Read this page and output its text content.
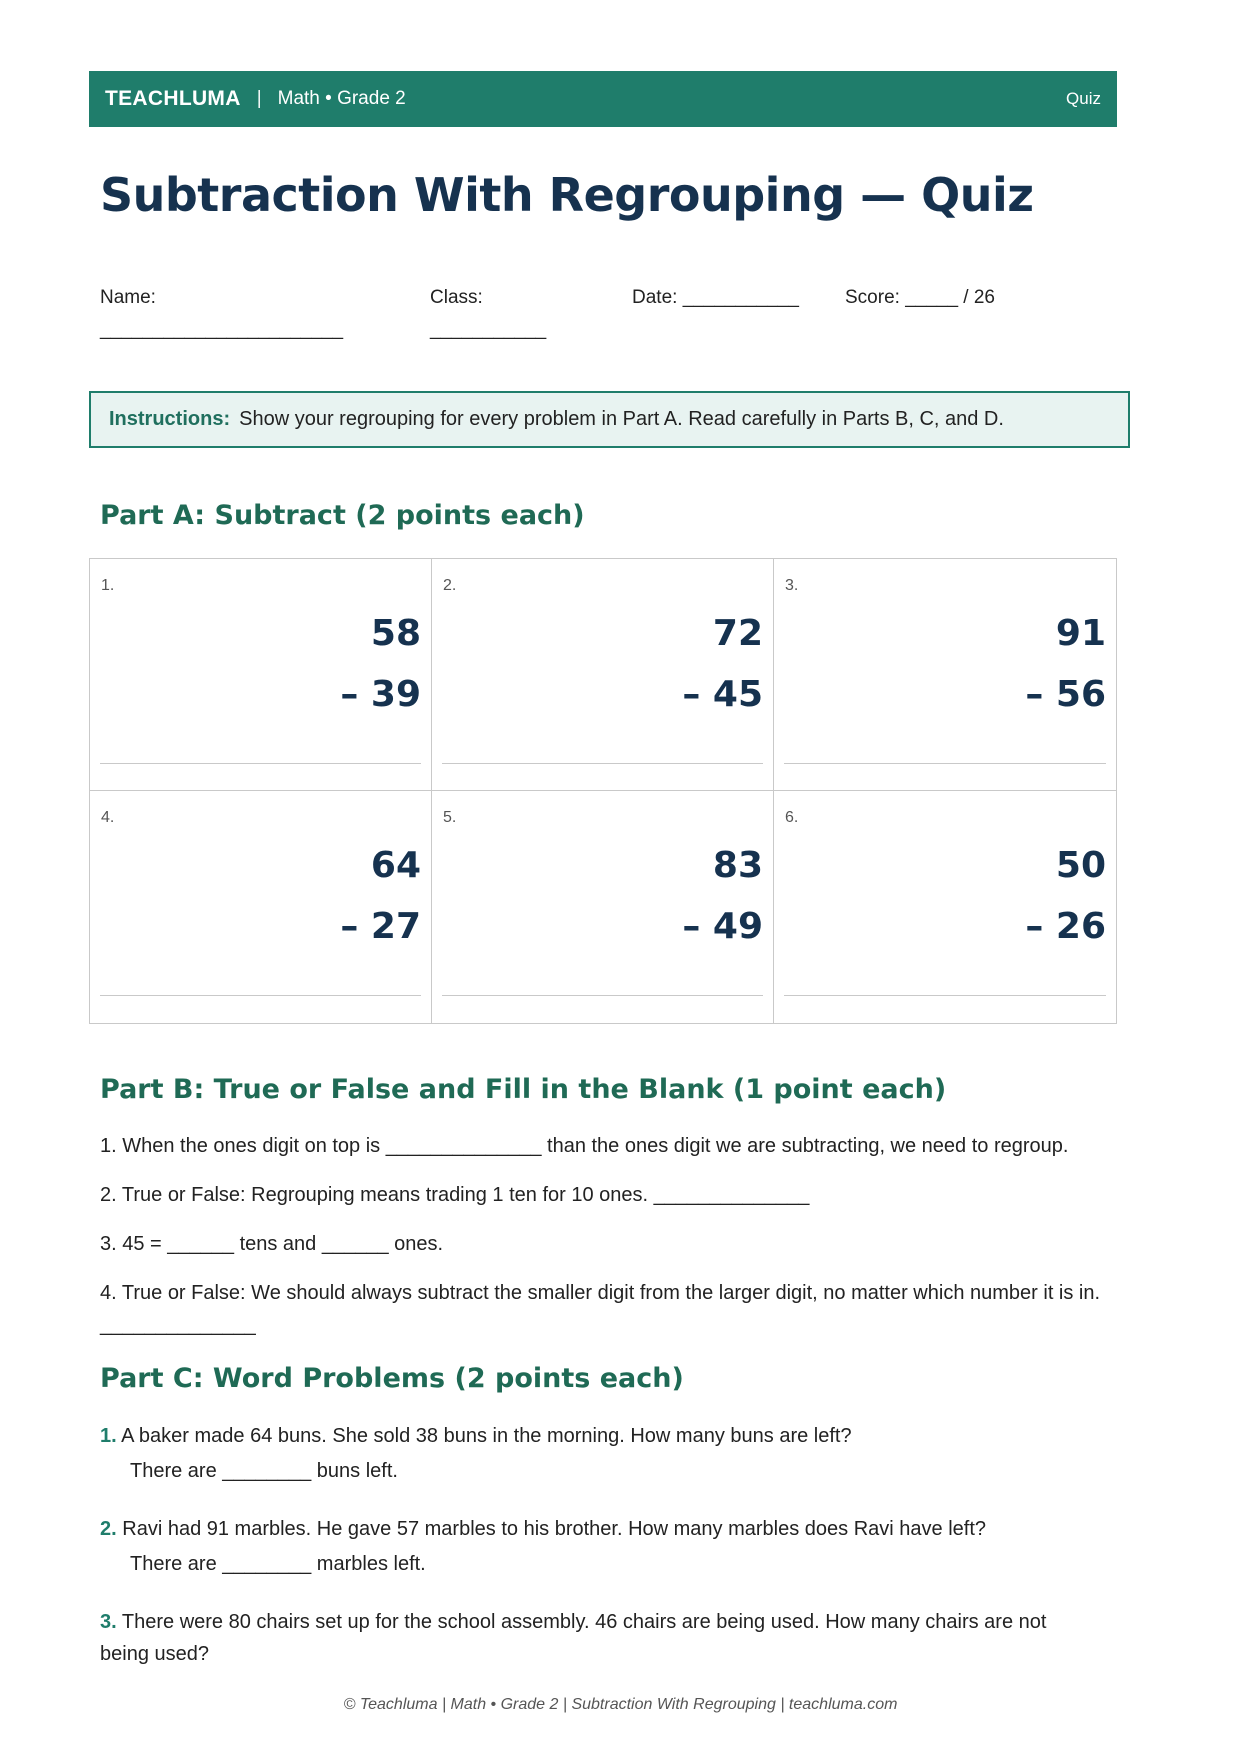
TEACHLUMA | Math • Grade 2	Quiz
Subtraction With Regrouping — Quiz
Name:
_______________________
Class:
___________
Date: ___________ Score: _____ / 26
Instructions: Show your regrouping for every problem in Part A. Read carefully in Parts B, C, and D.
Part A: Subtract (2 points each)
1.
58
– 39
2.
72
– 45
3.
91
– 56
4.
64
– 27
5.
83
– 49
6.
50
– 26
Part B: True or False and Fill in the Blank (1 point each)
1. When the ones digit on top is ______________ than the ones digit we are subtracting, we need to regroup.
2. True or False: Regrouping means trading 1 ten for 10 ones. ______________
3. 45 = ______ tens and ______ ones.
4. True or False: We should always subtract the smaller digit from the larger digit, no matter which number it is in. ______________
Part C: Word Problems (2 points each)
1. A baker made 64 buns. She sold 38 buns in the morning. How many buns are left?
There are ________ buns left.
2. Ravi had 91 marbles. He gave 57 marbles to his brother. How many marbles does Ravi have left?
There are ________ marbles left.
3. There were 80 chairs set up for the school assembly. 46 chairs are being used. How many chairs are not being used?
© Teachluma | Math • Grade 2 | Subtraction With Regrouping | teachluma.com
